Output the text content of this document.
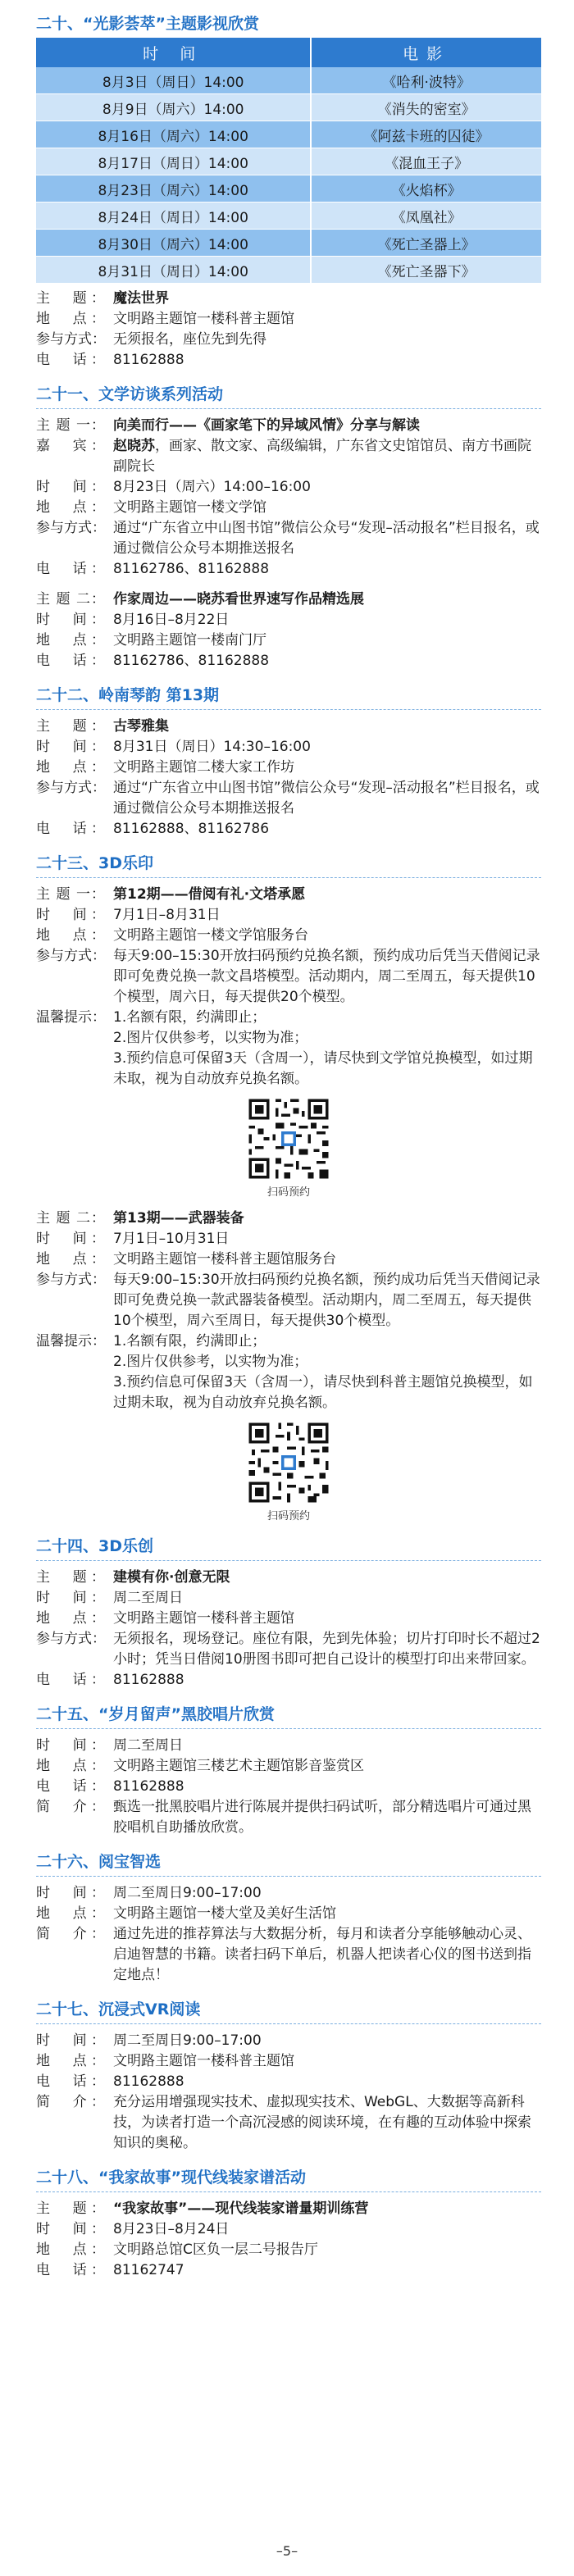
二十、“光影荟萃”主题影视欣赏
时 间	电影
8月3日（周日）14:00	《哈利·波特》
8月9日（周六）14:00	《消失的密室》
8月16日（周六）14:00	《阿兹卡班的囚徒》
8月17日（周日）14:00	《混血王子》
8月23日（周六）14:00	《火焰杯》
8月24日（周日）14:00	《凤凰社》
8月30日（周六）14:00	《死亡圣器上》
8月31日（周日）14:00	《死亡圣器下》
主　题： 魔法世界
地　点： 文明路主题馆一楼科普主题馆
参与方式： 无须报名，座位先到先得
电　话： 81162888
二十一、文学访谈系列活动
主 题 一： 向美而行——《画家笔下的异域风情》分享与解读
嘉　宾： 赵晓苏，画家、散文家、高级编辑，广东省文史馆馆员、南方书画院副院长
时　间： 8月23日（周六）14:00–16:00
地　点： 文明路主题馆一楼文学馆
参与方式： 通过“广东省立中山图书馆”微信公众号“发现–活动报名”栏目报名，或通过微信公众号本期推送报名
电　话： 81162786、81162888
主 题 二： 作家周边——晓苏看世界速写作品精选展
时　间： 8月16日–8月22日
地　点： 文明路主题馆一楼南门厅
电　话： 81162786、81162888
二十二、岭南琴韵 第13期
主　题： 古琴雅集
时　间： 8月31日（周日）14:30–16:00
地　点： 文明路主题馆二楼大家工作坊
参与方式： 通过“广东省立中山图书馆”微信公众号“发现–活动报名”栏目报名，或通过微信公众号本期推送报名
电　话： 81162888、81162786
二十三、3D乐印
主 题 一： 第12期——借阅有礼·文塔承愿
时　间： 7月1日–8月31日
地　点： 文明路主题馆一楼文学馆服务台
参与方式： 每天9:00–15:30开放扫码预约兑换名额，预约成功后凭当天借阅记录即可免费兑换一款文昌塔模型。活动期内，周二至周五，每天提供10个模型，周六日，每天提供20个模型。
温馨提示： 1.名额有限，约满即止；
2.图片仅供参考，以实物为准；
3.预约信息可保留3天（含周一），请尽快到文学馆兑换模型，如过期未取，视为自动放弃兑换名额。
扫码预约
主 题 二： 第13期——武器装备
时　间： 7月1日–10月31日
地　点： 文明路主题馆一楼科普主题馆服务台
参与方式： 每天9:00–15:30开放扫码预约兑换名额，预约成功后凭当天借阅记录即可免费兑换一款武器装备模型。活动期内，周二至周五，每天提供10个模型，周六至周日，每天提供30个模型。
温馨提示： 1.名额有限，约满即止；
2.图片仅供参考，以实物为准；
3.预约信息可保留3天（含周一），请尽快到科普主题馆兑换模型，如过期未取，视为自动放弃兑换名额。
扫码预约
二十四、3D乐创
主　题： 建模有你·创意无限
时　间： 周二至周日
地　点： 文明路主题馆一楼科普主题馆
参与方式： 无须报名，现场登记。座位有限，先到先体验；切片打印时长不超过2小时；凭当日借阅10册图书即可把自己设计的模型打印出来带回家。
电　话： 81162888
二十五、“岁月留声”黑胶唱片欣赏
时　间： 周二至周日
地　点： 文明路主题馆三楼艺术主题馆影音鉴赏区
电　话： 81162888
简　介： 甄选一批黑胶唱片进行陈展并提供扫码试听，部分精选唱片可通过黑胶唱机自助播放欣赏。
二十六、阅宝智选
时　间： 周二至周日9:00–17:00
地　点： 文明路主题馆一楼大堂及美好生活馆
简　介： 通过先进的推荐算法与大数据分析，每月和读者分享能够触动心灵、启迪智慧的书籍。读者扫码下单后，机器人把读者心仪的图书送到指定地点！
二十七、沉浸式VR阅读
时　间： 周二至周日9:00–17:00
地　点： 文明路主题馆一楼科普主题馆
电　话： 81162888
简　介： 充分运用增强现实技术、虚拟现实技术、WebGL、大数据等高新科技，为读者打造一个高沉浸感的阅读环境，在有趣的互动体验中探索知识的奥秘。
二十八、“我家故事”现代线装家谱活动
主　题： “我家故事”——现代线装家谱量期训练营
时　间： 8月23日–8月24日
地　点： 文明路总馆C区负一层二号报告厅
电　话： 81162747
–5–
